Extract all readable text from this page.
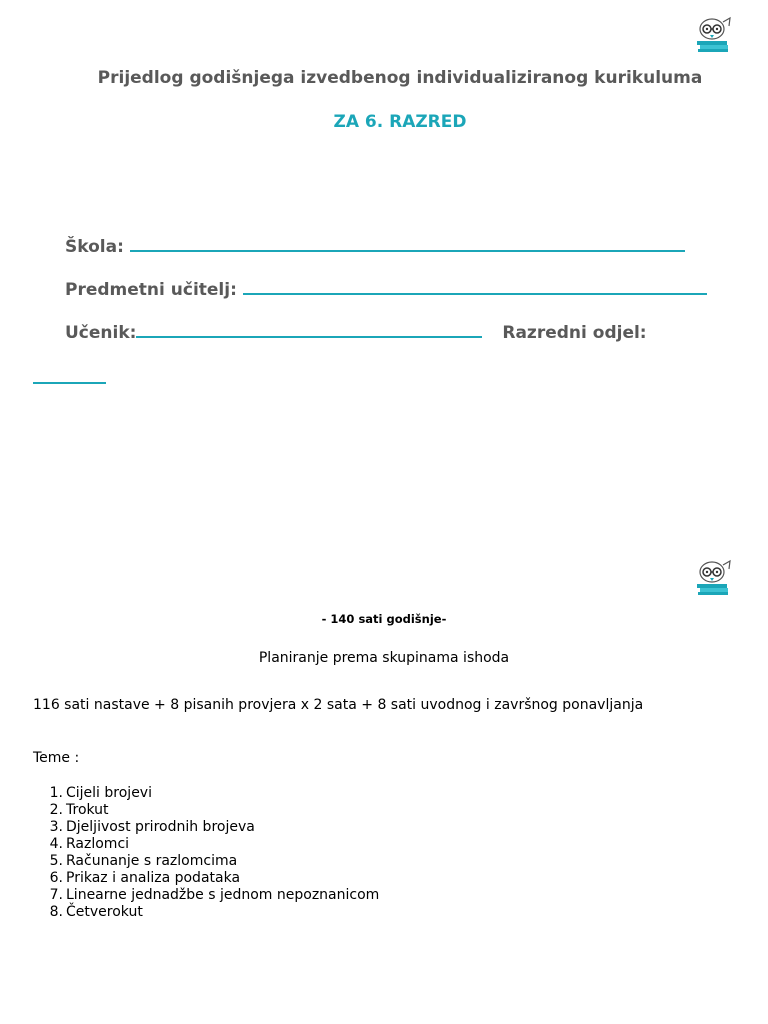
Prijedlog godišnjega izvedbenog individualiziranog kurikuluma
ZA 6. RAZRED
Škola:
Predmetni učitelj:
Učenik:	Razredni odjel:
- 140 sati godišnje-
Planiranje prema skupinama ishoda
116 sati nastave + 8 pisanih provjera x 2 sata + 8 sati uvodnog i završnog ponavljanja
Teme :
1. Cijeli brojevi
2. Trokut
3. Djeljivost prirodnih brojeva
4. Razlomci
5. Računanje s razlomcima
6. Prikaz i analiza podataka
7. Linearne jednadžbe s jednom nepoznanicom
8. Četverokut
